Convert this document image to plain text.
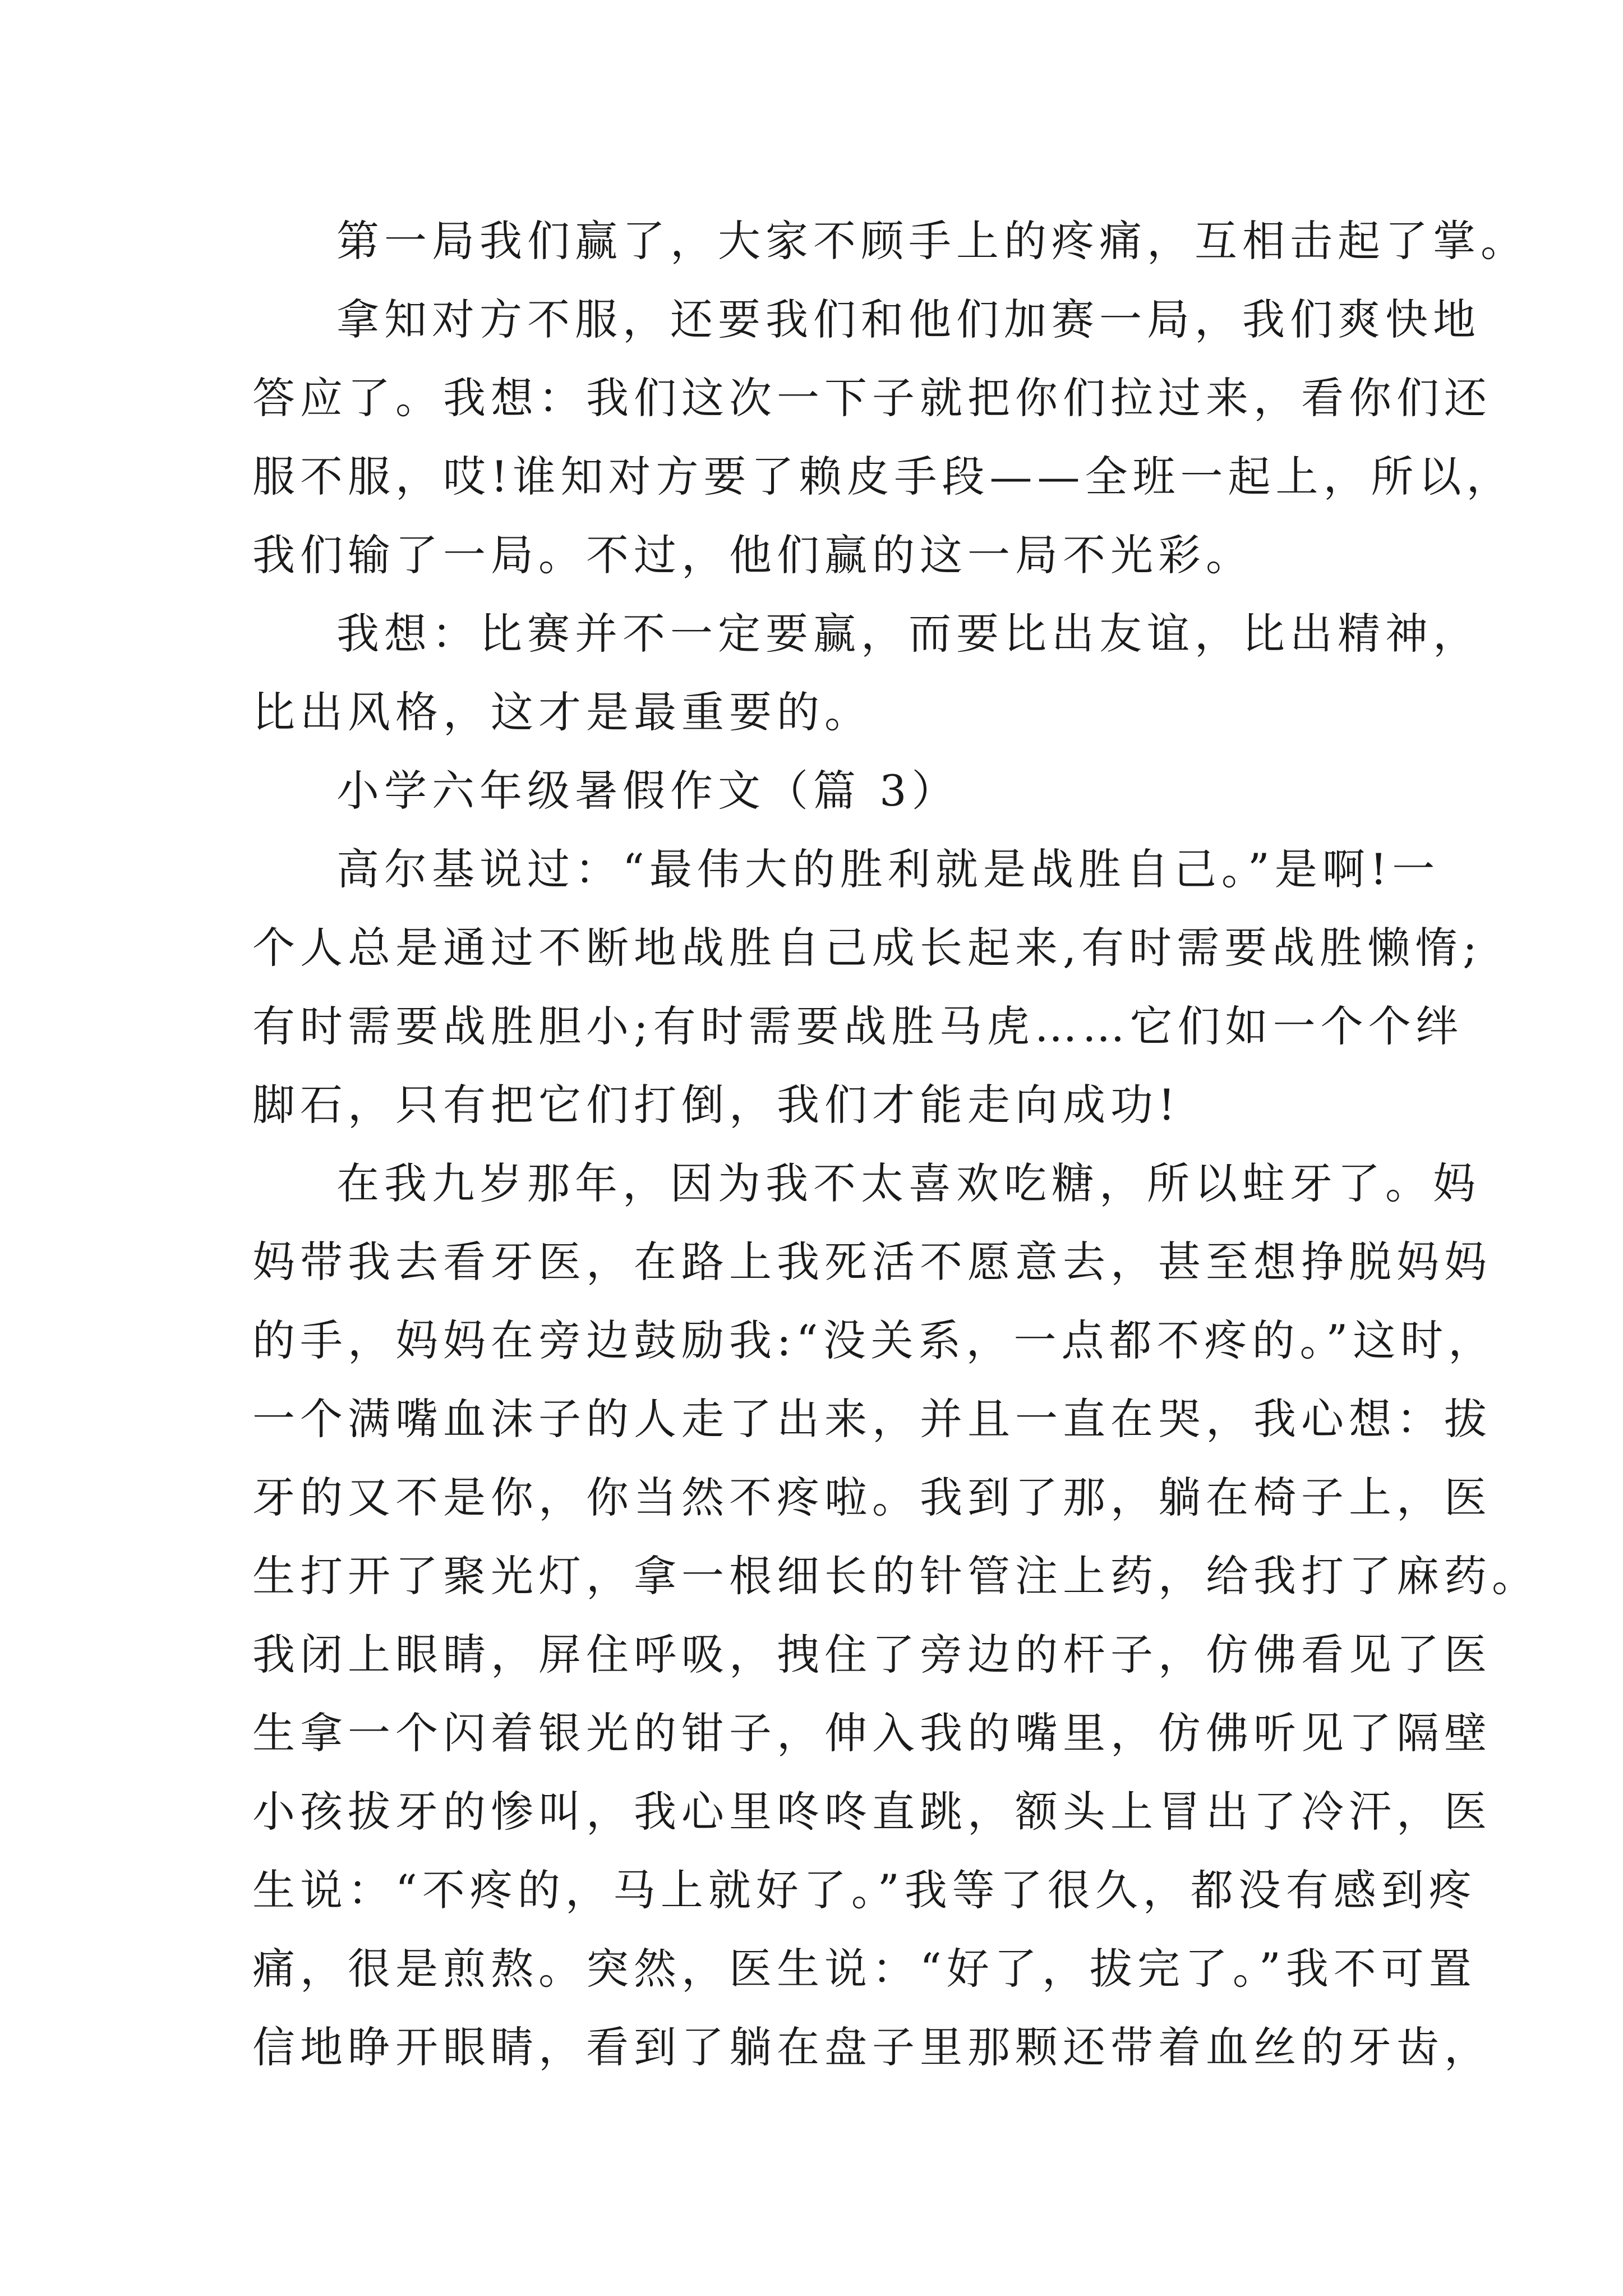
第一局我们赢了，大家不顾手上的疼痛，互相击起了掌。
拿知对方不服，还要我们和他们加赛一局，我们爽快地
答应了。我想：我们这次一下子就把你们拉过来，看你们还
服不服，哎!谁知对方要了赖皮手段——全班一起上，所以，
我们输了一局。不过，他们赢的这一局不光彩。
我想：比赛并不一定要赢，而要比出友谊，比出精神，
比出风格，这才是最重要的。
小学六年级暑假作文（篇 3）
高尔基说过：“最伟大的胜利就是战胜自己。”是啊!一
个人总是通过不断地战胜自己成长起来,有时需要战胜懒惰;
有时需要战胜胆小;有时需要战胜马虎……它们如一个个绊
脚石，只有把它们打倒，我们才能走向成功!
在我九岁那年，因为我不太喜欢吃糖，所以蛀牙了。妈
妈带我去看牙医，在路上我死活不愿意去，甚至想挣脱妈妈
的手，妈妈在旁边鼓励我:“没关系，一点都不疼的。”这时，
一个满嘴血沫子的人走了出来，并且一直在哭，我心想：拔
牙的又不是你，你当然不疼啦。我到了那，躺在椅子上，医
生打开了聚光灯，拿一根细长的针管注上药，给我打了麻药。
我闭上眼睛，屏住呼吸，拽住了旁边的杆子，仿佛看见了医
生拿一个闪着银光的钳子，伸入我的嘴里，仿佛听见了隔壁
小孩拔牙的惨叫，我心里咚咚直跳，额头上冒出了冷汗，医
生说：“不疼的，马上就好了。”我等了很久，都没有感到疼
痛，很是煎熬。突然，医生说：“好了，拔完了。”我不可置
信地睁开眼睛，看到了躺在盘子里那颗还带着血丝的牙齿，
